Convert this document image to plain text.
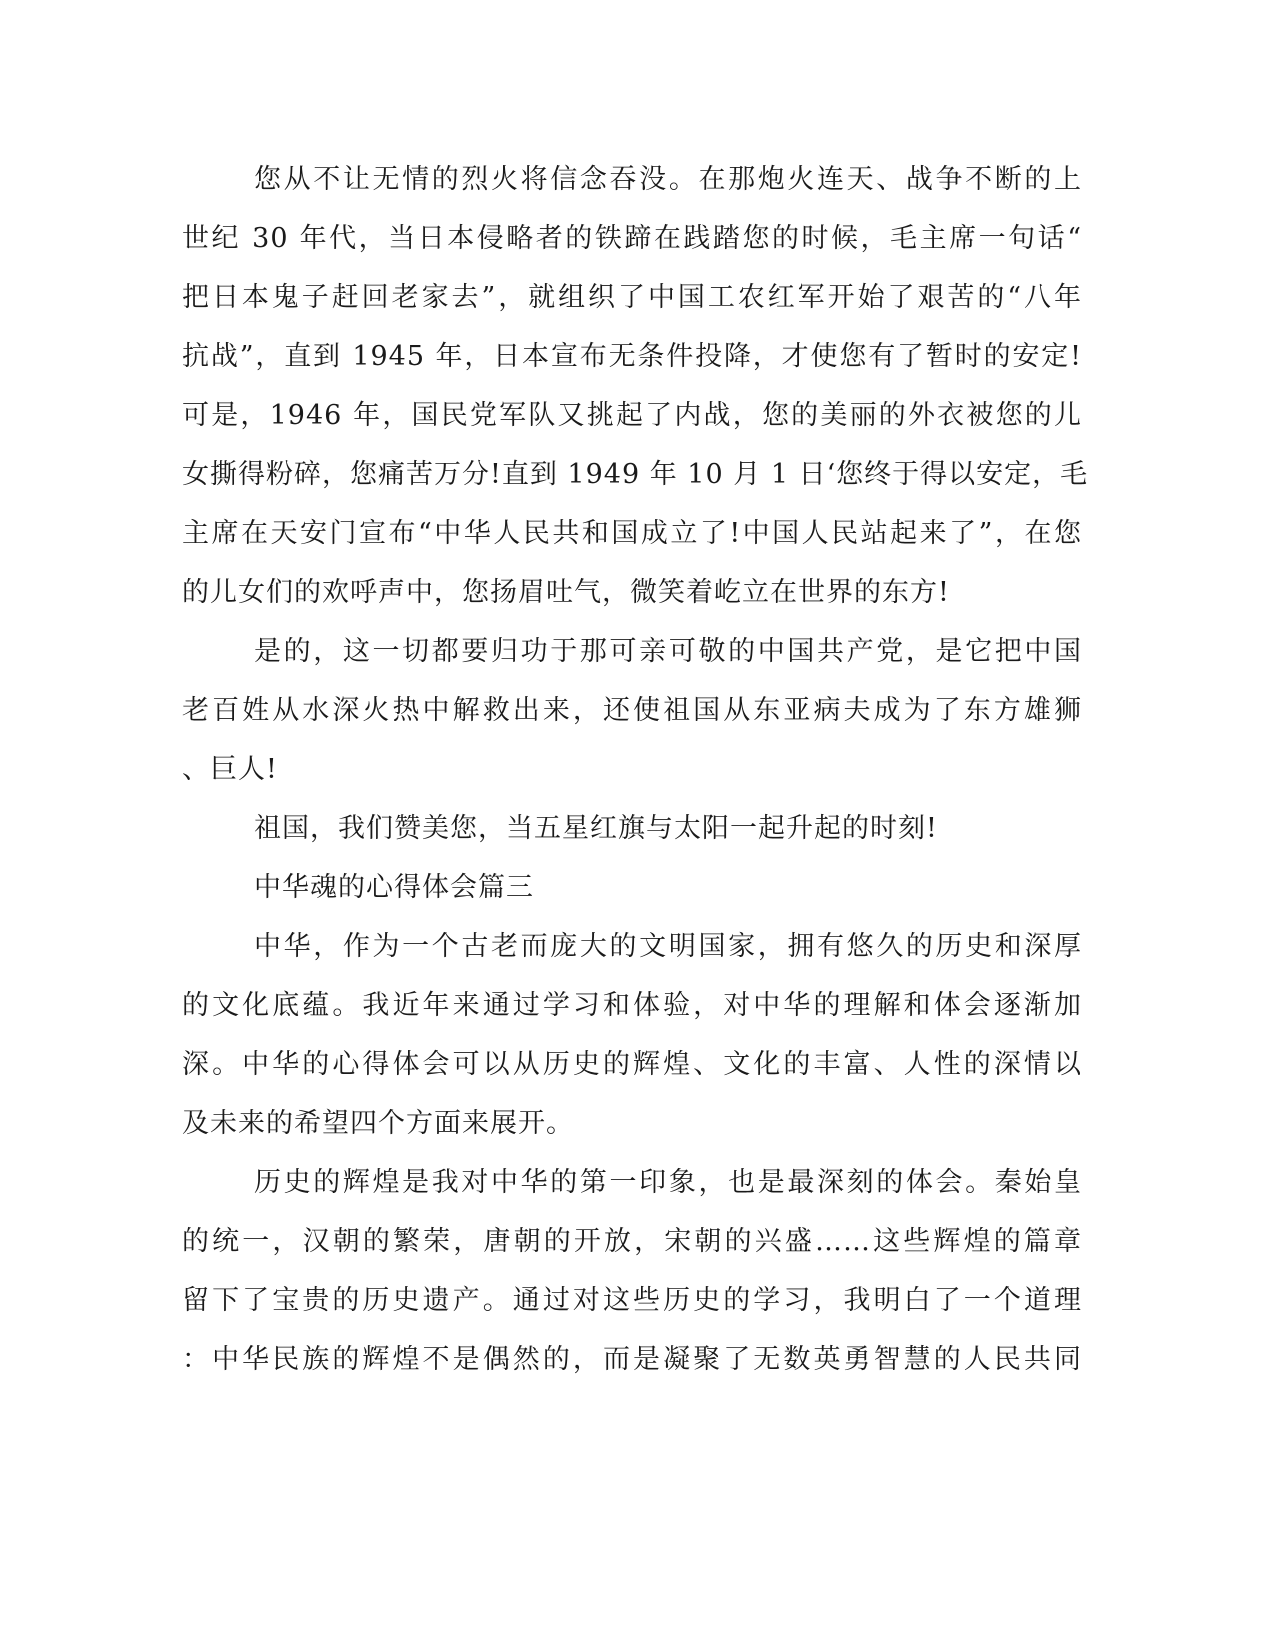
您从不让无情的烈火将信念吞没。在那炮火连天、战争不断的上
世纪 30 年代，当日本侵略者的铁蹄在践踏您的时候，毛主席一句话“
把日本鬼子赶回老家去”，就组织了中国工农红军开始了艰苦的“八年
抗战”，直到 1945 年，日本宣布无条件投降，才使您有了暂时的安定!
可是，1946 年，国民党军队又挑起了内战，您的美丽的外衣被您的儿
女撕得粉碎，您痛苦万分!直到 1949 年 10 月 1 日‘您终于得以安定，毛
主席在天安门宣布“中华人民共和国成立了!中国人民站起来了”，在您
的儿女们的欢呼声中，您扬眉吐气，微笑着屹立在世界的东方!
是的，这一切都要归功于那可亲可敬的中国共产党，是它把中国
老百姓从水深火热中解救出来，还使祖国从东亚病夫成为了东方雄狮
、巨人!
祖国，我们赞美您，当五星红旗与太阳一起升起的时刻!
中华魂的心得体会篇三
中华，作为一个古老而庞大的文明国家，拥有悠久的历史和深厚
的文化底蕴。我近年来通过学习和体验，对中华的理解和体会逐渐加
深。中华的心得体会可以从历史的辉煌、文化的丰富、人性的深情以
及未来的希望四个方面来展开。
历史的辉煌是我对中华的第一印象，也是最深刻的体会。秦始皇
的统一，汉朝的繁荣，唐朝的开放，宋朝的兴盛……这些辉煌的篇章
留下了宝贵的历史遗产。通过对这些历史的学习，我明白了一个道理
：中华民族的辉煌不是偶然的，而是凝聚了无数英勇智慧的人民共同
